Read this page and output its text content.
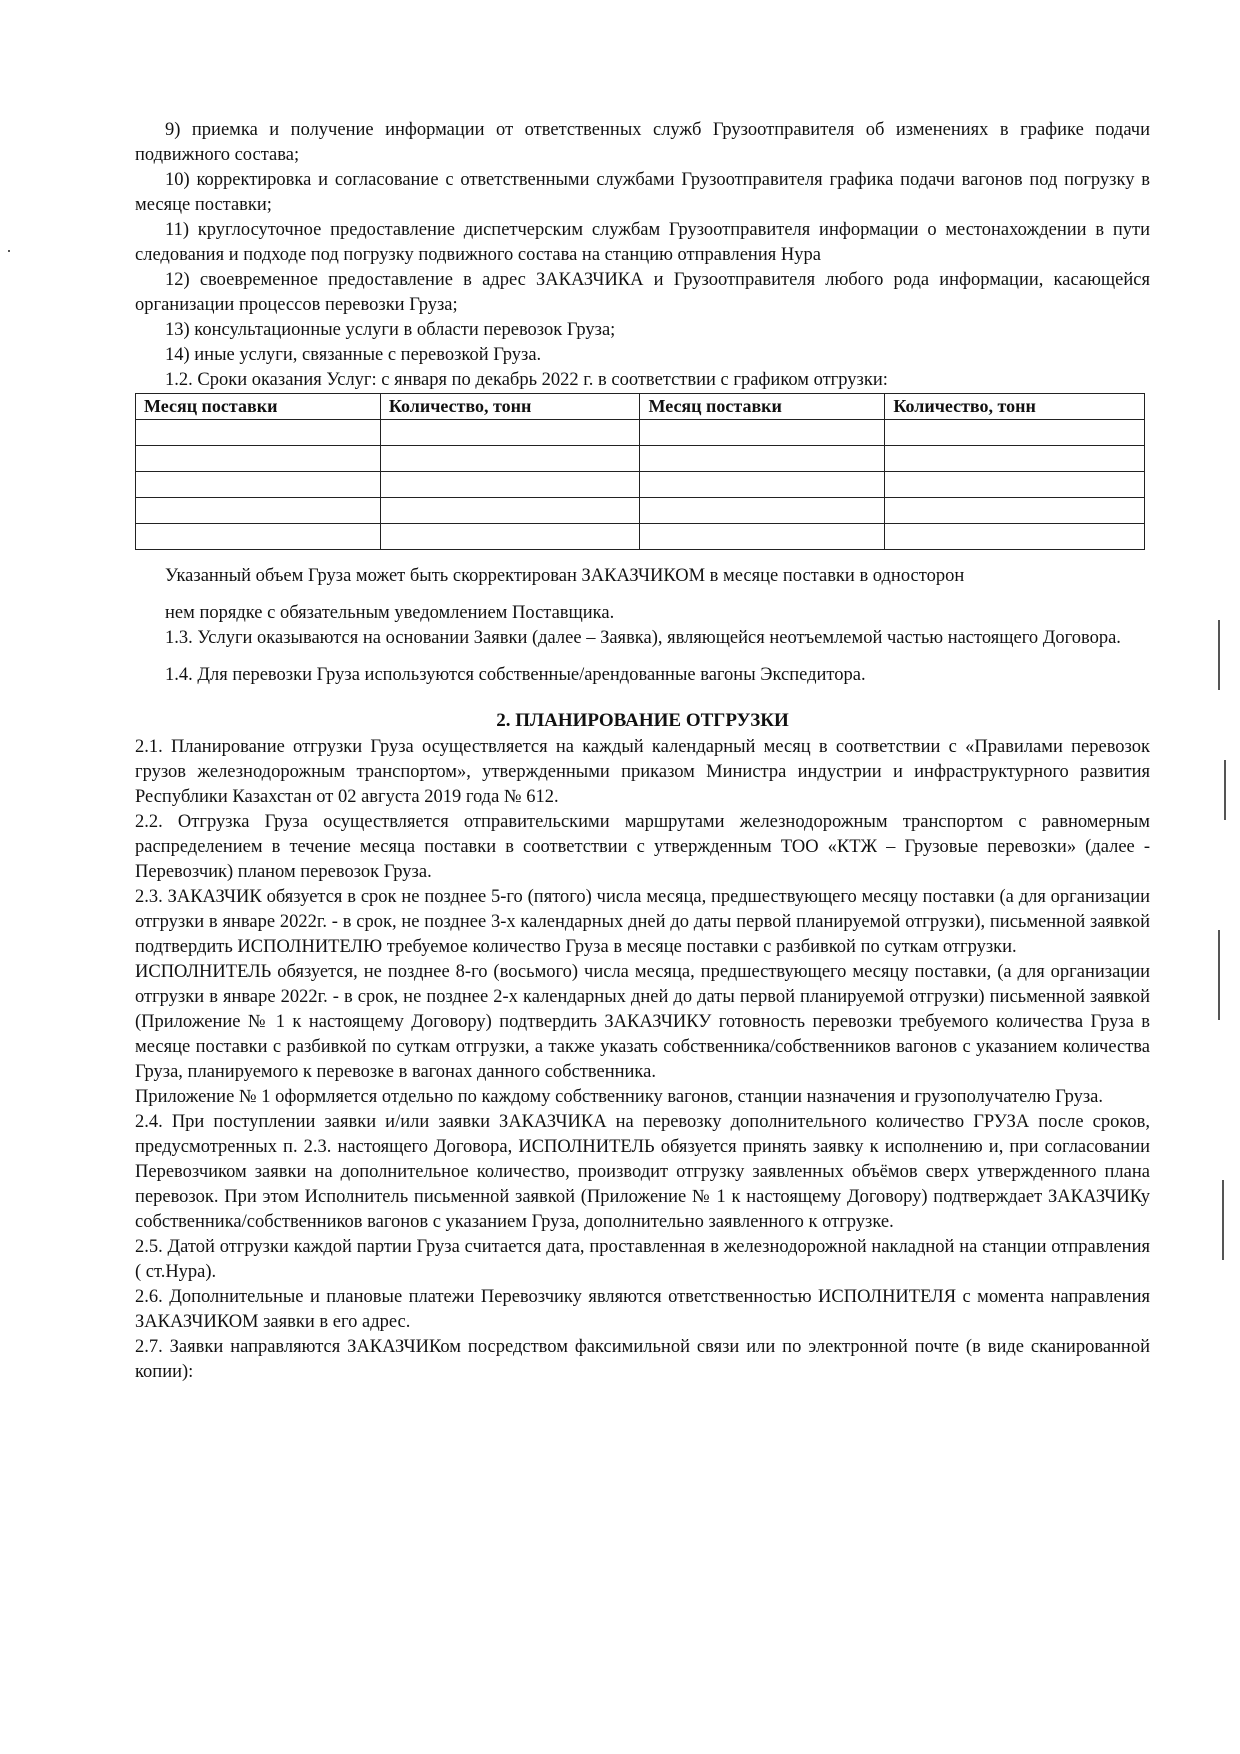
9) приемка и получение информации от ответственных служб Грузоотправителя об изменениях в графике подачи подвижного состава;

10) корректировка и согласование с ответственными службами Грузоотправителя графика подачи вагонов под погрузку в месяце поставки;

11) круглосуточное предоставление диспетчерским службам Грузоотправителя информации о местонахождении в пути следования и подходе под погрузку подвижного состава на станцию отправления Нура

12) своевременное предоставление в адрес ЗАКАЗЧИКА и Грузоотправителя любого рода информации, касающейся организации процессов перевозки Груза;

13) консультационные услуги в области перевозок Груза;

14) иные услуги, связанные с перевозкой Груза.

1.2. Сроки оказания Услуг: с января по декабрь 2022 г. в соответствии с графиком отгрузки:

Месяц поставки	Количество, тонн	Месяц поставки	Количество, тонн

Указанный объем Груза может быть скорректирован ЗАКАЗЧИКОМ в месяце поставки в односторон

нем порядке с обязательным уведомлением Поставщика.

1.3. Услуги оказываются на основании Заявки (далее – Заявка), являющейся неотъемлемой частью настоящего Договора.

1.4. Для перевозки Груза используются собственные/арендованные вагоны Экспедитора.

2. ПЛАНИРОВАНИЕ ОТГРУЗКИ

2.1. Планирование отгрузки Груза осуществляется на каждый календарный месяц в соответствии с «Правилами перевозок грузов железнодорожным транспортом», утвержденными приказом Министра индустрии и инфраструктурного развития Республики Казахстан от 02 августа 2019 года № 612.

2.2. Отгрузка Груза осуществляется отправительскими маршрутами железнодорожным транспортом с равномерным распределением в течение месяца поставки в соответствии с утвержденным ТОО «КТЖ – Грузовые перевозки» (далее - Перевозчик) планом перевозок Груза.

2.3. ЗАКАЗЧИК обязуется в срок не позднее 5-го (пятого) числа месяца, предшествующего месяцу поставки (а для организации отгрузки в январе 2022г. - в срок, не позднее 3-х календарных дней до даты первой планируемой отгрузки), письменной заявкой подтвердить ИСПОЛНИТЕЛЮ требуемое количество Груза в месяце поставки с разбивкой по суткам отгрузки.

ИСПОЛНИТЕЛЬ обязуется, не позднее 8-го (восьмого) числа месяца, предшествующего месяцу поставки, (а для организации отгрузки в январе 2022г. - в срок, не позднее 2-х календарных дней до даты первой планируемой отгрузки) письменной заявкой (Приложение № 1 к настоящему Договору) подтвердить ЗАКАЗЧИКУ готовность перевозки требуемого количества Груза в месяце поставки с разбивкой по суткам отгрузки, а также указать собственника/собственников вагонов с указанием количества Груза, планируемого к перевозке в вагонах данного собственника.

Приложение № 1 оформляется отдельно по каждому собственнику вагонов, станции назначения и грузополучателю Груза.

2.4. При поступлении заявки и/или заявки ЗАКАЗЧИКА на перевозку дополнительного количество ГРУЗА после сроков, предусмотренных п. 2.3. настоящего Договора, ИСПОЛНИТЕЛЬ обязуется принять заявку к исполнению и, при согласовании Перевозчиком заявки на дополнительное количество, производит отгрузку заявленных объёмов сверх утвержденного плана перевозок. При этом Исполнитель письменной заявкой (Приложение № 1 к настоящему Договору) подтверждает ЗАКАЗЧИКу собственника/собственников вагонов с указанием Груза, дополнительно заявленного к отгрузке.

2.5. Датой отгрузки каждой партии Груза считается дата, проставленная в железнодорожной накладной на станции отправления ( ст.Нура).

2.6. Дополнительные и плановые платежи Перевозчику являются ответственностью ИСПОЛНИТЕЛЯ с момента направления ЗАКАЗЧИКОМ заявки в его адрес.

2.7. Заявки направляются ЗАКАЗЧИКом посредством факсимильной связи или по электронной почте (в виде сканированной копии):
